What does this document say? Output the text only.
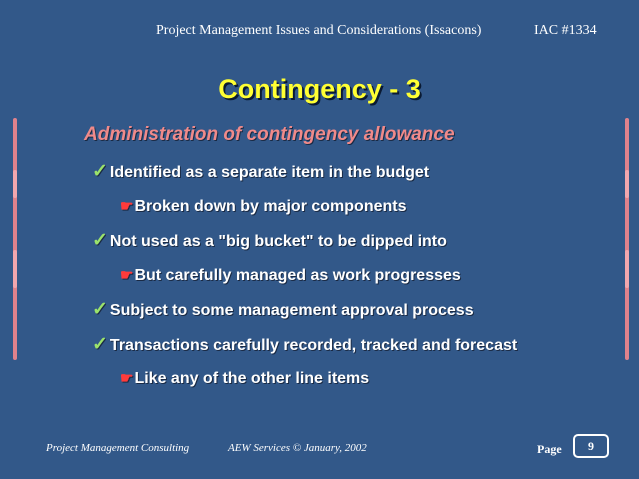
Project Management Issues and Considerations (Issacons)	IAC #1334
Contingency - 3
Administration of contingency allowance
✓ Identified as a separate item in the budget
☛Broken down by major components
✓ Not used as a "big bucket" to be dipped into
☛But carefully managed as work progresses
✓ Subject to some management approval process
✓ Transactions carefully recorded, tracked and forecast
☛Like any of the other line items
Project Management Consulting	AEW Services © January, 2002	Page	9
